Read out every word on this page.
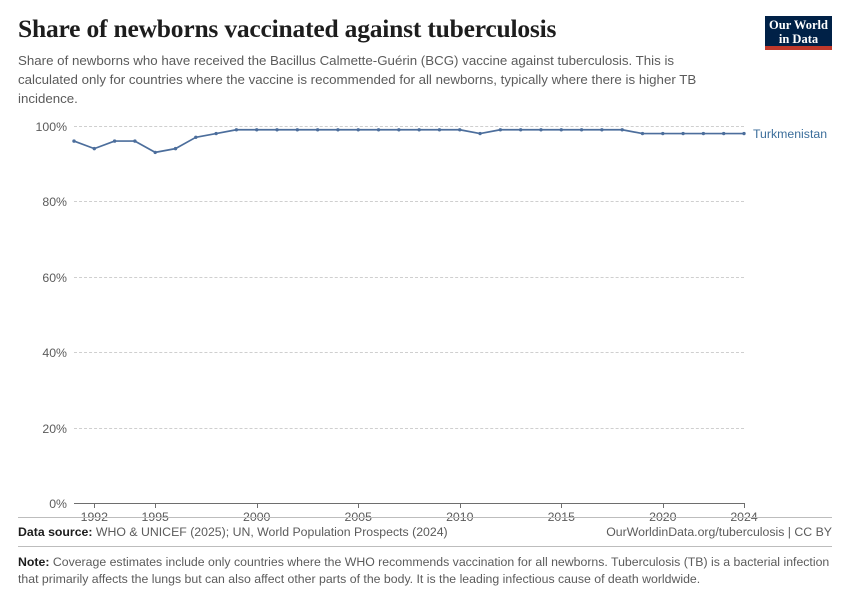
Share of newborns vaccinated against tuberculosis

Share of newborns who have received the Bacillus Calmette-Guérin (BCG) vaccine against tuberculosis. This is calculated only for countries where the vaccine is recommended for all newborns, typically where there is higher TB incidence.

Our World
in Data
0%
20%
40%
60%
80%
100%
1992	1995	2000	2005	2010	2015	2020	2024
Turkmenistan
Data source: WHO & UNICEF (2025); UN, World Population Prospects (2024)	OurWorldinData.org/tuberculosis | CC BY
Note: Coverage estimates include only countries where the WHO recommends vaccination for all newborns. Tuberculosis (TB) is a bacterial infection that primarily affects the lungs but can also affect other parts of the body. It is the leading infectious cause of death worldwide.
